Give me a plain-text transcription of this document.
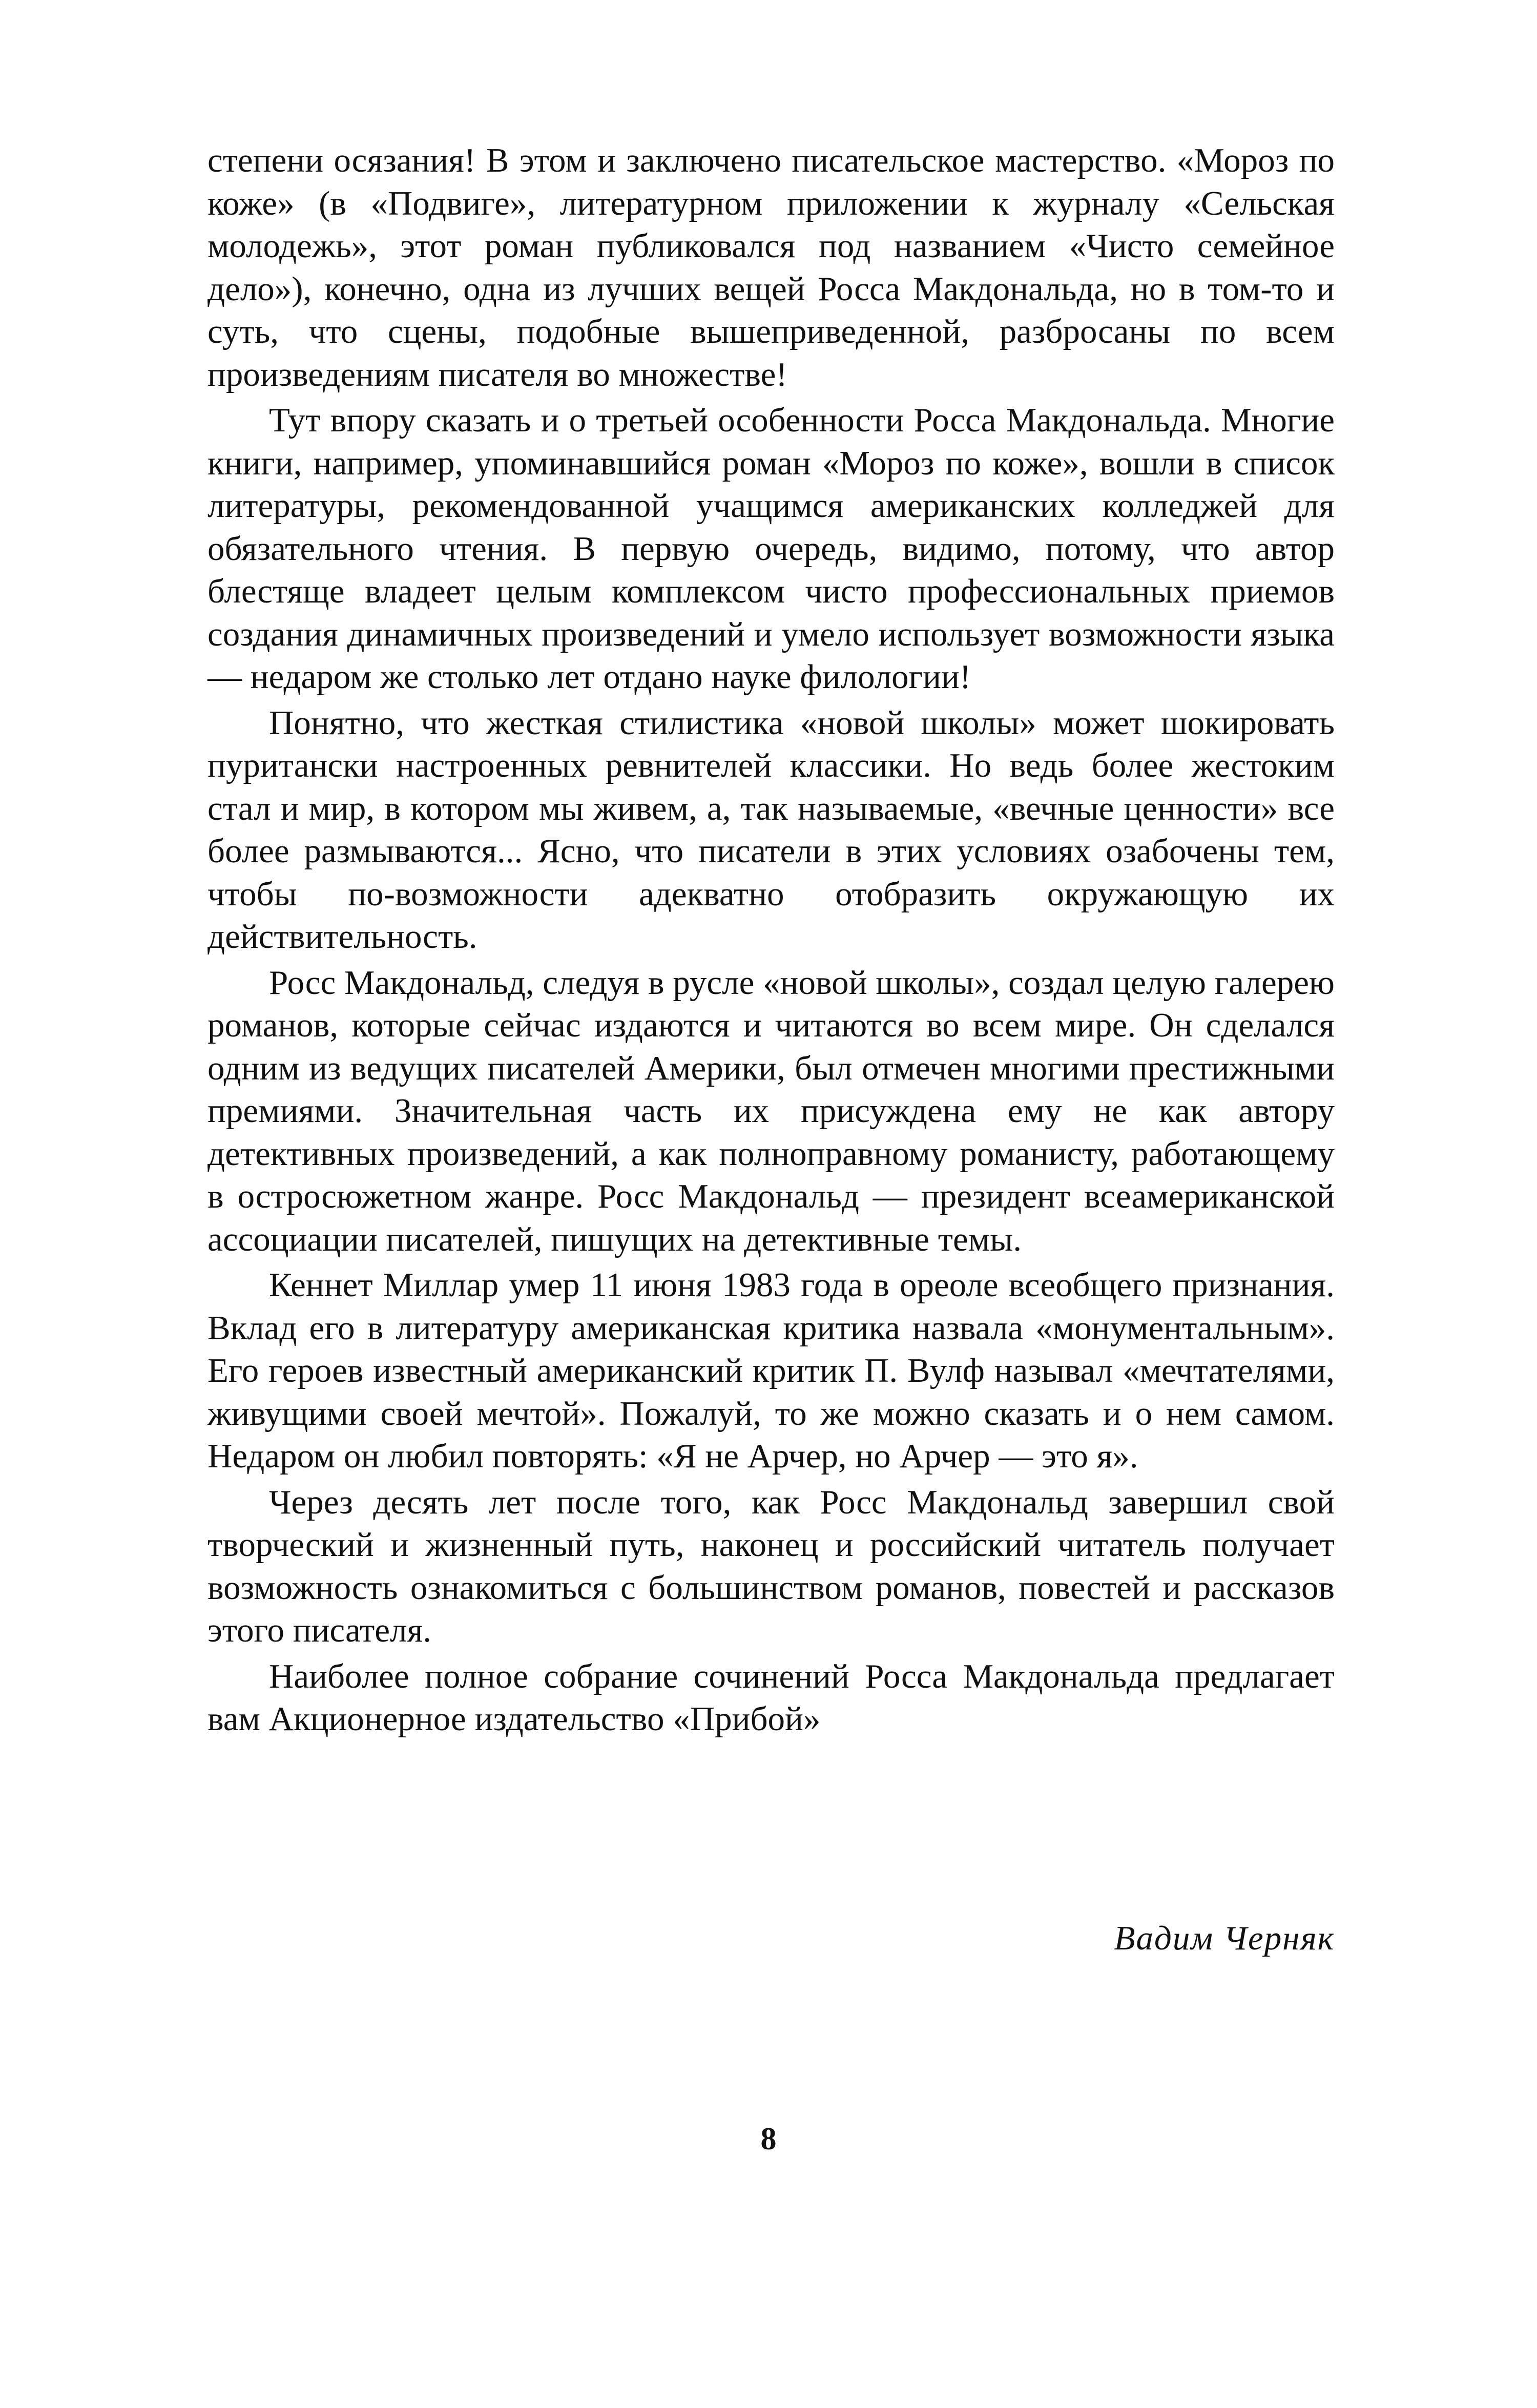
степени осязания! В этом и заключено писательское мастерство. «Мороз по коже» (в «Подвиге», литературном приложении к журналу «Сельская молодежь», этот роман публиковался под названием «Чисто семейное дело»), конечно, одна из лучших вещей Росса Макдональда, но в том-то и суть, что сцены, подобные вышеприведенной, разбросаны по всем произведениям писателя во множестве!

Тут впору сказать и о третьей особенности Росса Макдональда. Многие книги, например, упоминавшийся роман «Мороз по коже», вошли в список литературы, рекомендованной учащимся американских колледжей для обязательного чтения. В первую очередь, видимо, потому, что автор блестяще владеет целым комплексом чисто профессиональных приемов создания динамичных произведений и умело использует возможности языка — недаром же столько лет отдано науке филологии!

Понятно, что жесткая стилистика «новой школы» может шокировать пуритански настроенных ревнителей классики. Но ведь более жестоким стал и мир, в котором мы живем, а, так называемые, «вечные ценности» все более размываются... Ясно, что писатели в этих условиях озабочены тем, чтобы по-возможности адекватно отобразить окружающую их действительность.

Росс Макдональд, следуя в русле «новой школы», создал целую галерею романов, которые сейчас издаются и читаются во всем мире. Он сделался одним из ведущих писателей Америки, был отмечен многими престижными премиями. Значительная часть их присуждена ему не как автору детективных произведений, а как полноправному романисту, работающему в остросюжетном жанре. Росс Макдональд — президент всеамериканской ассоциации писателей, пишущих на детективные темы.

Кеннет Миллар умер 11 июня 1983 года в ореоле всеобщего признания. Вклад его в литературу американская критика назвала «монументальным». Его героев известный американский критик П. Вулф называл «мечтателями, живущими своей мечтой». Пожалуй, то же можно сказать и о нем самом. Недаром он любил повторять: «Я не Арчер, но Арчер — это я».

Через десять лет после того, как Росс Макдональд завершил свой творческий и жизненный путь, наконец и российский читатель получает возможность ознакомиться с большинством романов, повестей и рассказов этого писателя.

Наиболее полное собрание сочинений Росса Макдональда предлагает вам Акционерное издательство «Прибой»

Вадим Черняк
8
